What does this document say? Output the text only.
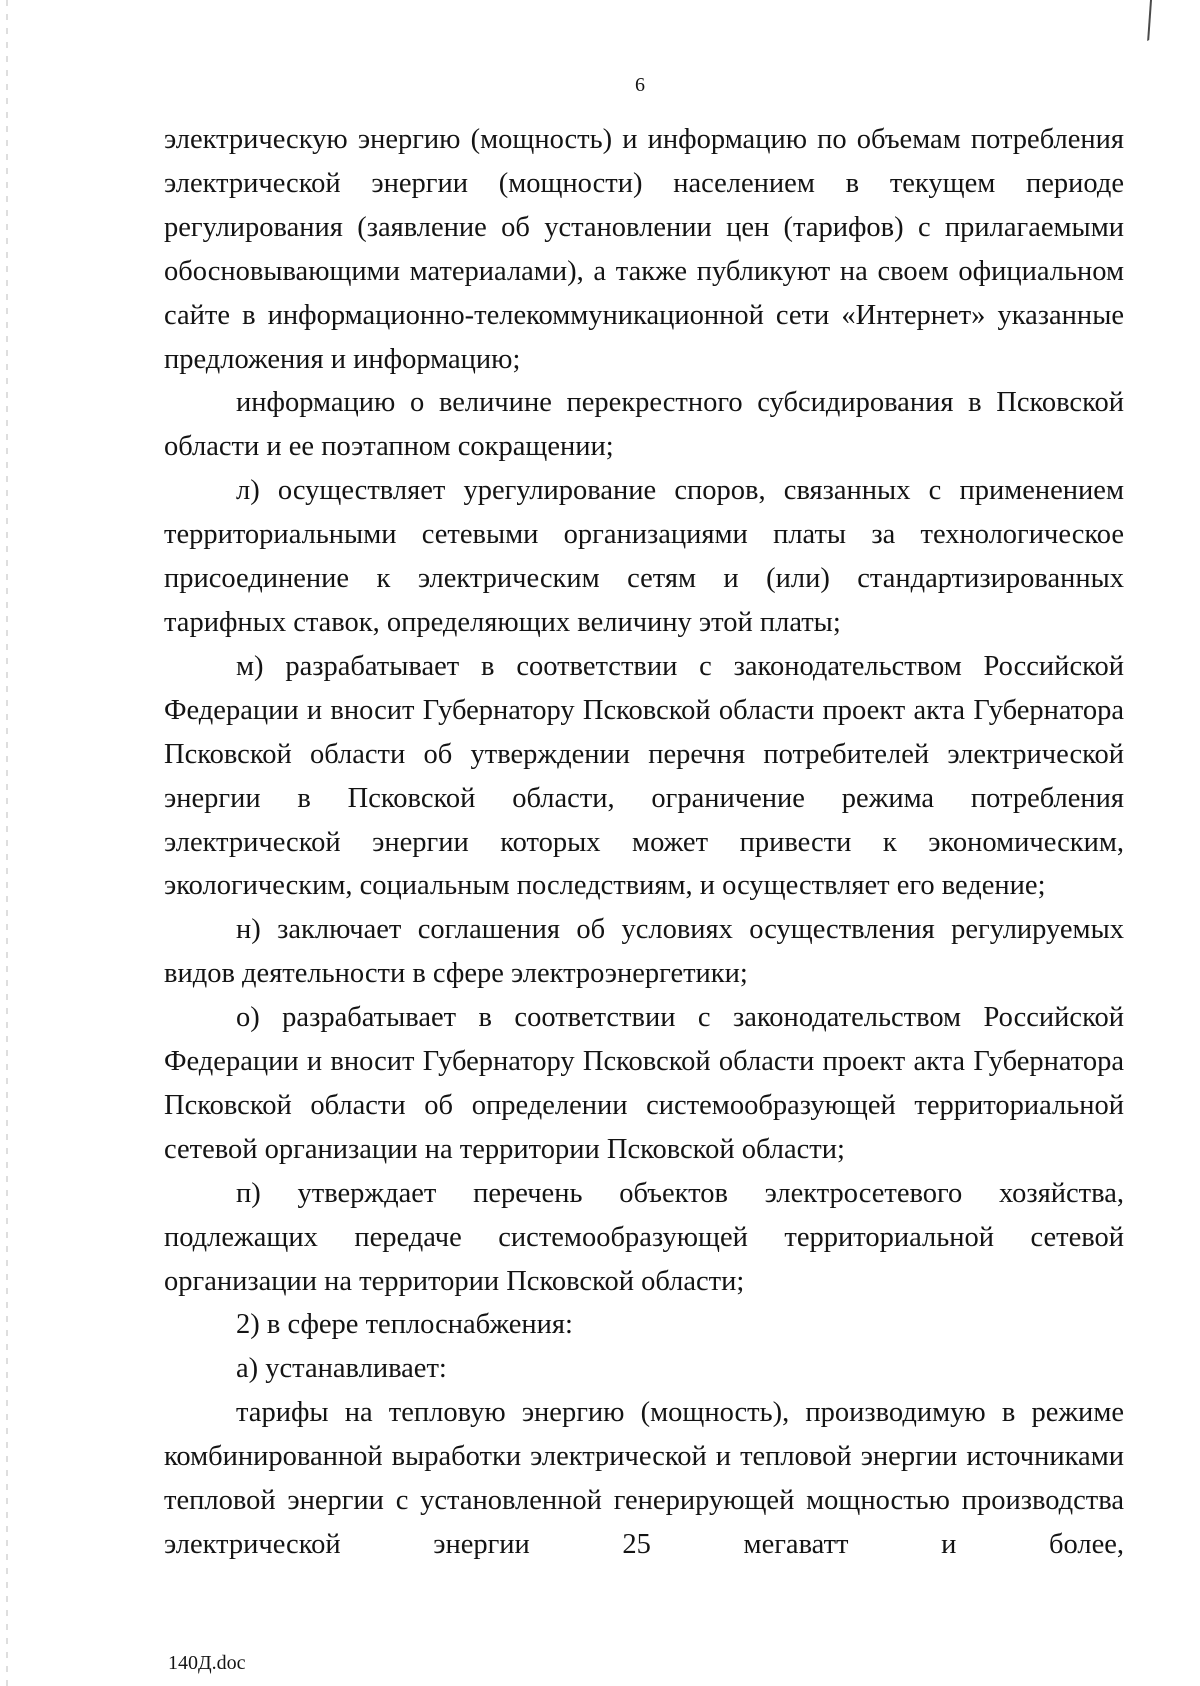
6

электрическую энергию (мощность) и информацию по объемам потребления электрической энергии (мощности) населением в текущем периоде регулирования (заявление об установлении цен (тарифов) с прилагаемыми обосновывающими материалами), а также публикуют на своем официальном сайте в информационно-телекоммуникационной сети «Интернет» указанные предложения и информацию;

информацию о величине перекрестного субсидирования в Псковской области и ее поэтапном сокращении;

л) осуществляет урегулирование споров, связанных с применением территориальными сетевыми организациями платы за технологическое присоединение к электрическим сетям и (или) стандартизированных тарифных ставок, определяющих величину этой платы;

м) разрабатывает в соответствии с законодательством Российской Федерации и вносит Губернатору Псковской области проект акта Губернатора Псковской области об утверждении перечня потребителей электрической энергии в Псковской области, ограничение режима потребления электрической энергии которых может привести к экономическим, экологическим, социальным последствиям, и осуществляет его ведение;

н) заключает соглашения об условиях осуществления регулируемых видов деятельности в сфере электроэнергетики;

о) разрабатывает в соответствии с законодательством Российской Федерации и вносит Губернатору Псковской области проект акта Губернатора Псковской области об определении системообразующей территориальной сетевой организации на территории Псковской области;

п) утверждает перечень объектов электросетевого хозяйства, подлежащих передаче системообразующей территориальной сетевой организации на территории Псковской области;

2) в сфере теплоснабжения:

а) устанавливает:

тарифы на тепловую энергию (мощность), производимую в режиме комбинированной выработки электрической и тепловой энергии источниками тепловой энергии с установленной генерирующей мощностью производства электрической энергии 25 мегаватт и более,

140Д.doc
